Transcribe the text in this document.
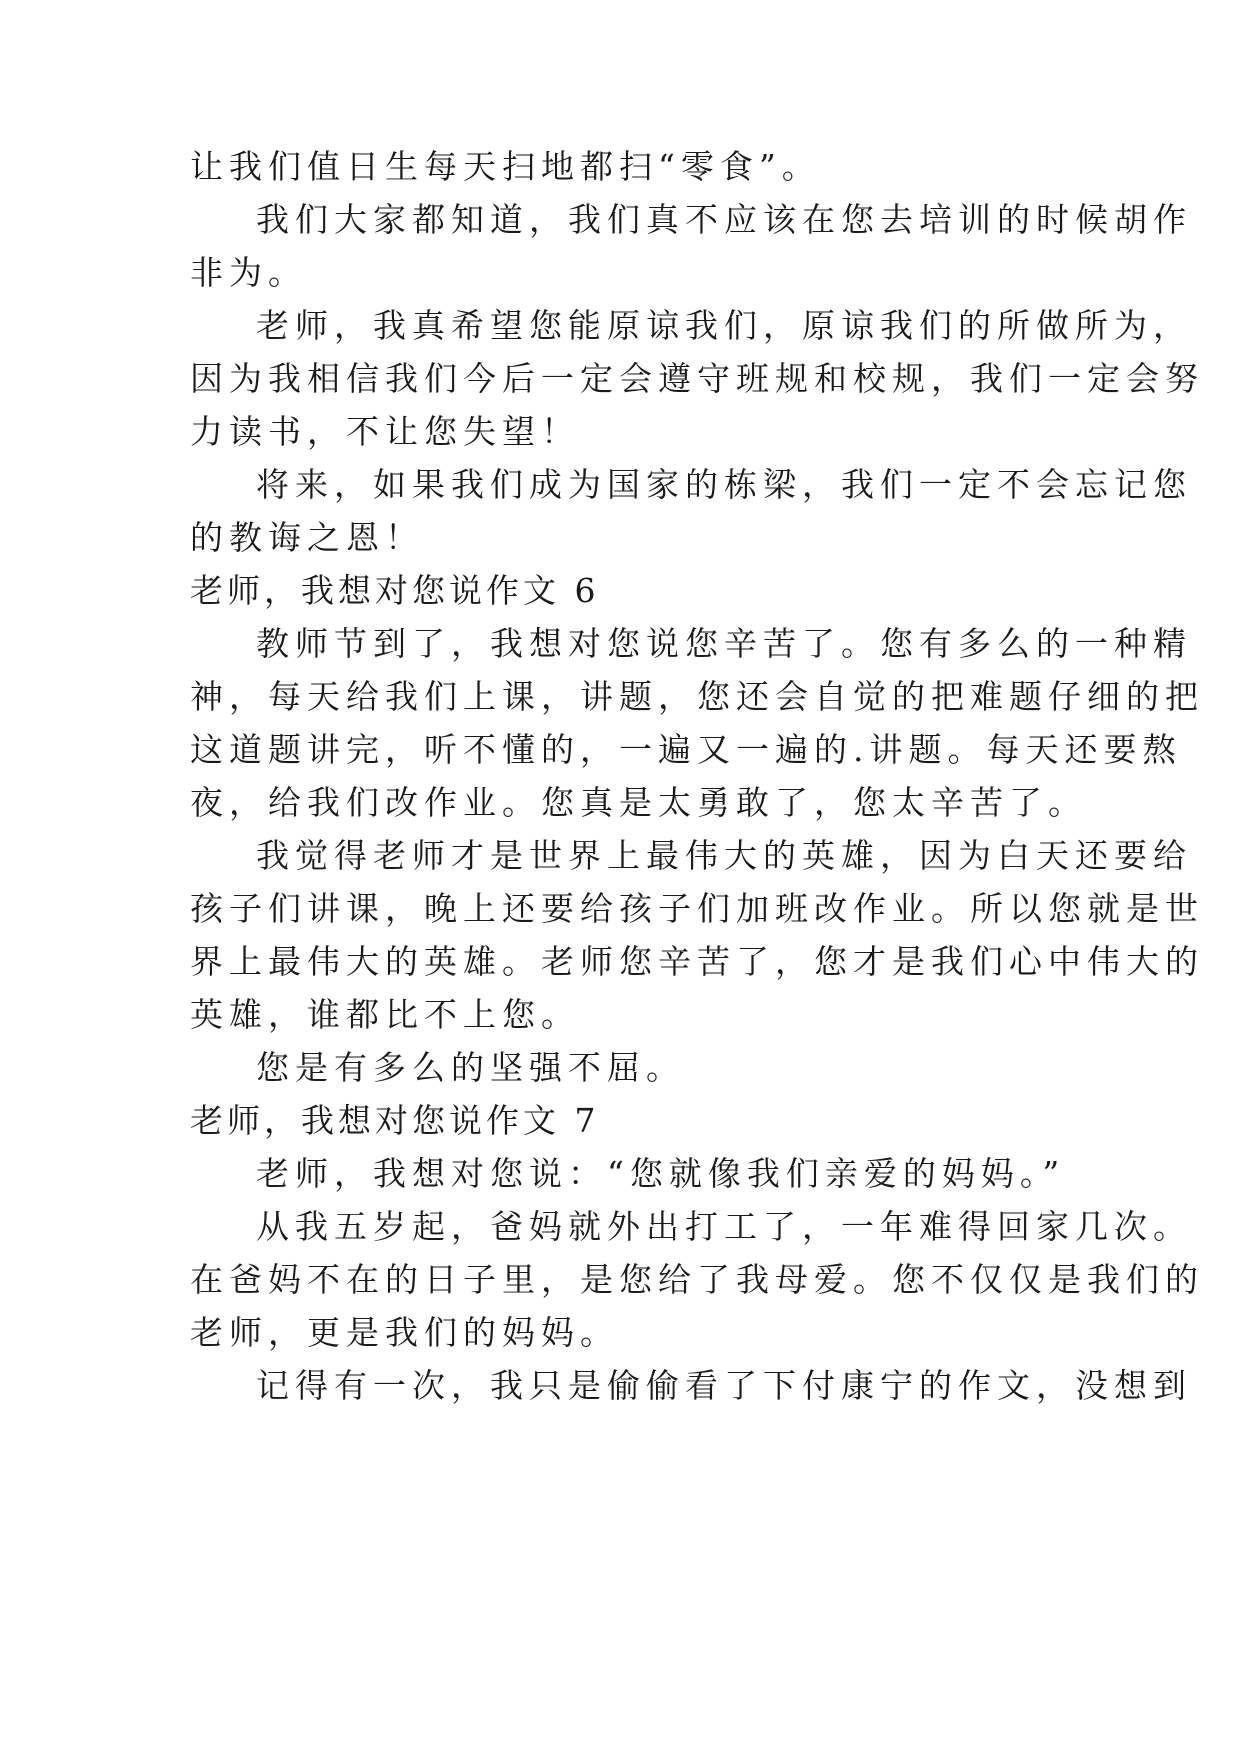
让我们值日生每天扫地都扫“零食”。
我们大家都知道，我们真不应该在您去培训的时候胡作
非为。
老师，我真希望您能原谅我们，原谅我们的所做所为，
因为我相信我们今后一定会遵守班规和校规，我们一定会努
力读书，不让您失望！
将来，如果我们成为国家的栋梁，我们一定不会忘记您
的教诲之恩！
老师，我想对您说作文 6
教师节到了，我想对您说您辛苦了。您有多么的一种精
神，每天给我们上课，讲题，您还会自觉的把难题仔细的把
这道题讲完，听不懂的，一遍又一遍的.讲题。每天还要熬
夜，给我们改作业。您真是太勇敢了，您太辛苦了。
我觉得老师才是世界上最伟大的英雄，因为白天还要给
孩子们讲课，晚上还要给孩子们加班改作业。所以您就是世
界上最伟大的英雄。老师您辛苦了，您才是我们心中伟大的
英雄，谁都比不上您。
您是有多么的坚强不屈。
老师，我想对您说作文 7
老师，我想对您说：“您就像我们亲爱的妈妈。”
从我五岁起，爸妈就外出打工了，一年难得回家几次。
在爸妈不在的日子里，是您给了我母爱。您不仅仅是我们的
老师，更是我们的妈妈。
记得有一次，我只是偷偷看了下付康宁的作文，没想到
